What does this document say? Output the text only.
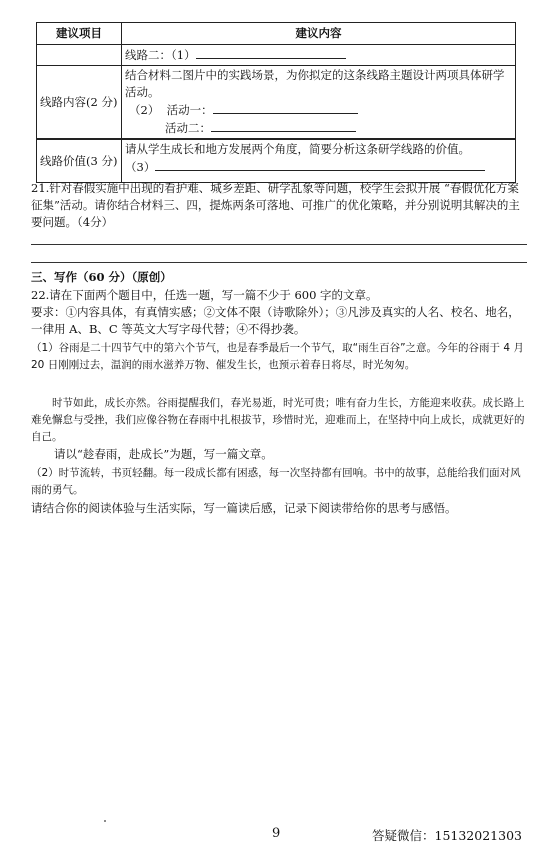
建议项目	建议内容
	线路二：（1）
线路内容(2 分)	结合材料二图片中的实践场景，为你拟定的这条线路主题设计两项具体研学活动。

（2） 活动一：

活动二：

线路价值(3 分)	请从学生成长和地方发展两个角度，简要分析这条研学线路的价值。

（3）

21.针对春假实施中出现的看护难、城乡差距、研学乱象等问题，校学生会拟开展 “春假优化方案征集”活动。请你结合材料三、四，提炼两条可落地、可推广的优化策略，并分别说明其解决的主要问题。（4分）
三、写作（60 分）（原创）

22.请在下面两个题目中，任选一题，写一篇不少于 600 字的文章。

要求：①内容具体，有真情实感；②文体不限（诗歌除外）；③凡涉及真实的人名、校名、地名，一律用 A、B、C 等英文大写字母代替；④不得抄袭。

（1）谷雨是二十四节气中的第六个节气，也是春季最后一个节气，取“雨生百谷”之意。今年的谷雨于 4 月 20 日刚刚过去，温润的雨水滋养万物、催发生长，也预示着春日将尽，时光匆匆。

时节如此，成长亦然。谷雨提醒我们，春光易逝，时光可贵；唯有奋力生长，方能迎来收获。成长路上难免懈怠与受挫，我们应像谷物在春雨中扎根拔节，珍惜时光，迎难而上，在坚持中向上成长，成就更好的自己。

请以“趁春雨，赴成长”为题，写一篇文章。

（2）时节流转，书页轻翻。每一段成长都有困惑，每一次坚持都有回响。书中的故事，总能给我们面对风雨的勇气。

请结合你的阅读体验与生活实际，写一篇读后感，记录下阅读带给你的思考与感悟。

9	答疑微信：15132021303
